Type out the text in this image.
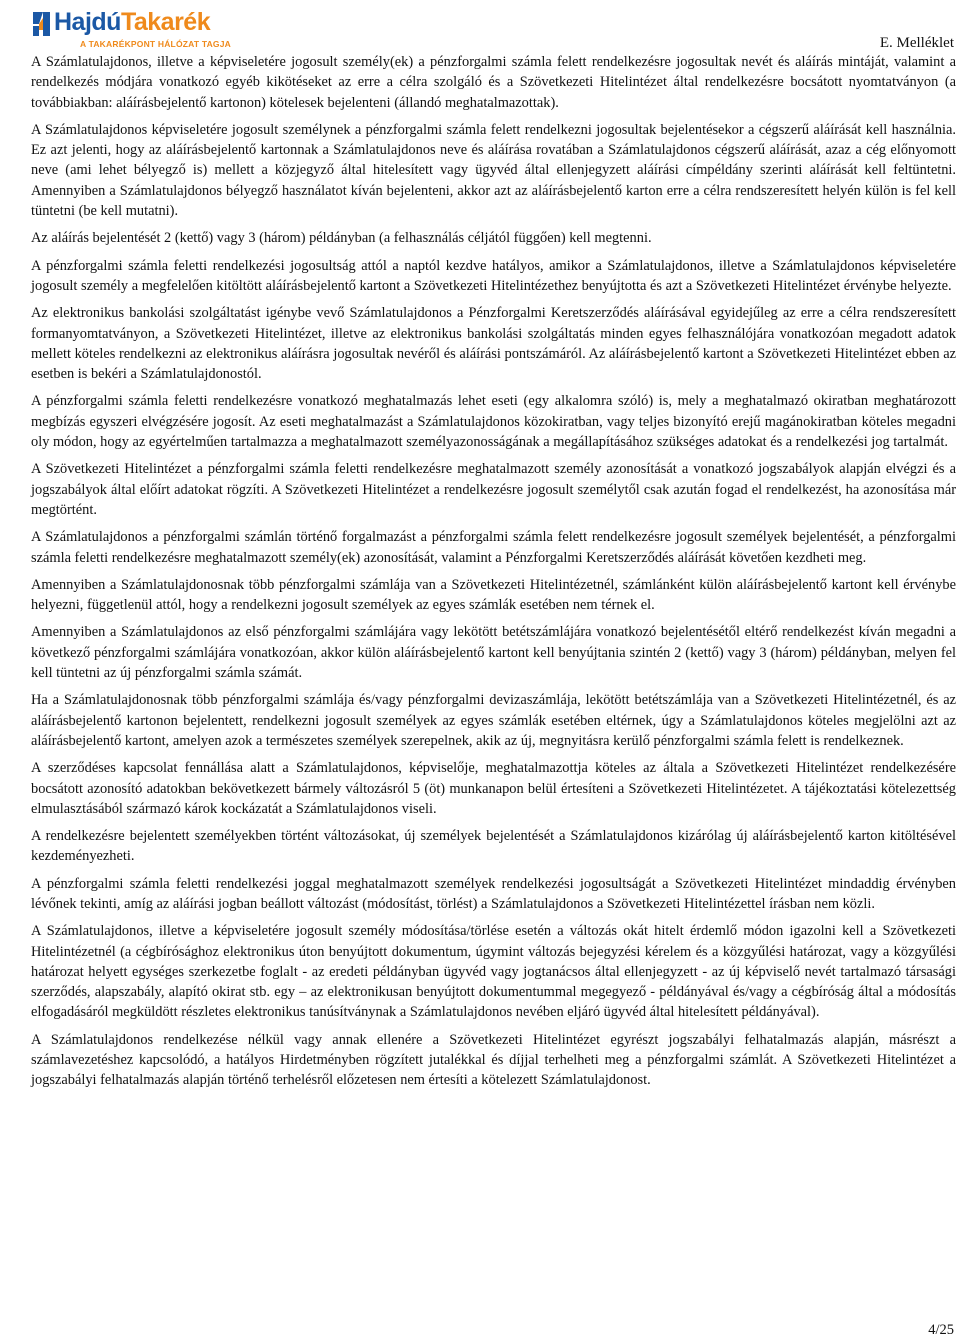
HajdúTakarék
A TAKARÉKPONT HÁLÓZAT TAGJA	E. Melléklet

A Számlatulajdonos, illetve a képviseletére jogosult személy(ek) a pénzforgalmi számla felett rendelkezésre jogosultak nevét és aláírás mintáját, valamint a rendelkezés módjára vonatkozó egyéb kikötéseket az erre a célra szolgáló és a Szövetkezeti Hitelintézet által rendelkezésre bocsátott nyomtatványon (a továbbiakban: aláírásbejelentő kartonon) kötelesek bejelenteni (állandó meghatalmazottak).

A Számlatulajdonos képviseletére jogosult személynek a pénzforgalmi számla felett rendelkezni jogosultak bejelentésekor a cégszerű aláírását kell használnia. Ez azt jelenti, hogy az aláírásbejelentő kartonnak a Számlatulajdonos neve és aláírása rovatában a Számlatulajdonos cégszerű aláírását, azaz a cég előnyomott neve (ami lehet bélyegző is) mellett a közjegyző által hitelesített vagy ügyvéd által ellenjegyzett aláírási címpéldány szerinti aláírását kell feltüntetni. Amennyiben a Számlatulajdonos bélyegző használatot kíván bejelenteni, akkor azt az aláírásbejelentő karton erre a célra rendszeresített helyén külön is fel kell tüntetni (be kell mutatni).

Az aláírás bejelentését 2 (kettő) vagy 3 (három) példányban (a felhasználás céljától függően) kell megtenni.

A pénzforgalmi számla feletti rendelkezési jogosultság attól a naptól kezdve hatályos, amikor a Számlatulajdonos, illetve a Számlatulajdonos képviseletére jogosult személy a megfelelően kitöltött aláírásbejelentő kartont a Szövetkezeti Hitelintézethez benyújtotta és azt a Szövetkezeti Hitelintézet érvénybe helyezte.

Az elektronikus bankolási szolgáltatást igénybe vevő Számlatulajdonos a Pénzforgalmi Keretszerződés aláírásával egyidejűleg az erre a célra rendszeresített formanyomtatványon, a Szövetkezeti Hitelintézet, illetve az elektronikus bankolási szolgáltatás minden egyes felhasználójára vonatkozóan megadott adatok mellett köteles rendelkezni az elektronikus aláírásra jogosultak nevéről és aláírási pontszámáról. Az aláírásbejelentő kartont a Szövetkezeti Hitelintézet ebben az esetben is bekéri a Számlatulajdonostól.

A pénzforgalmi számla feletti rendelkezésre vonatkozó meghatalmazás lehet eseti (egy alkalomra szóló) is, mely a meghatalmazó okiratban meghatározott megbízás egyszeri elvégzésére jogosít. Az eseti meghatalmazást a Számlatulajdonos közokiratban, vagy teljes bizonyító erejű magánokiratban köteles megadni oly módon, hogy az egyértelműen tartalmazza a meghatalmazott személyazonosságának a megállapításához szükséges adatokat és a rendelkezési jog tartalmát.

A Szövetkezeti Hitelintézet a pénzforgalmi számla feletti rendelkezésre meghatalmazott személy azonosítását a vonatkozó jogszabályok alapján elvégzi és a jogszabályok által előírt adatokat rögzíti. A Szövetkezeti Hitelintézet a rendelkezésre jogosult személytől csak azután fogad el rendelkezést, ha azonosítása már megtörtént.

A Számlatulajdonos a pénzforgalmi számlán történő forgalmazást a pénzforgalmi számla felett rendelkezésre jogosult személyek bejelentését, a pénzforgalmi számla feletti rendelkezésre meghatalmazott személy(ek) azonosítását, valamint a Pénzforgalmi Keretszerződés aláírását követően kezdheti meg.

Amennyiben a Számlatulajdonosnak több pénzforgalmi számlája van a Szövetkezeti Hitelintézetnél, számlánként külön aláírásbejelentő kartont kell érvénybe helyezni, függetlenül attól, hogy a rendelkezni jogosult személyek az egyes számlák esetében nem térnek el.

Amennyiben a Számlatulajdonos az első pénzforgalmi számlájára vagy lekötött betétszámlájára vonatkozó bejelentésétől eltérő rendelkezést kíván megadni a következő pénzforgalmi számlájára vonatkozóan, akkor külön aláírásbejelentő kartont kell benyújtania szintén 2 (kettő) vagy 3 (három) példányban, melyen fel kell tüntetni az új pénzforgalmi számla számát.

Ha a Számlatulajdonosnak több pénzforgalmi számlája és/vagy pénzforgalmi devizaszámlája, lekötött betétszámlája van a Szövetkezeti Hitelintézetnél, és az aláírásbejelentő kartonon bejelentett, rendelkezni jogosult személyek az egyes számlák esetében eltérnek, úgy a Számlatulajdonos köteles megjelölni azt az aláírásbejelentő kartont, amelyen azok a természetes személyek szerepelnek, akik az új, megnyitásra kerülő pénzforgalmi számla felett is rendelkeznek.

A szerződéses kapcsolat fennállása alatt a Számlatulajdonos, képviselője, meghatalmazottja köteles az általa a Szövetkezeti Hitelintézet rendelkezésére bocsátott azonosító adatokban bekövetkezett bármely változásról 5 (öt) munkanapon belül értesíteni a Szövetkezeti Hitelintézetet. A tájékoztatási kötelezettség elmulasztásából származó károk kockázatát a Számlatulajdonos viseli.

A rendelkezésre bejelentett személyekben történt változásokat, új személyek bejelentését a Számlatulajdonos kizárólag új aláírásbejelentő karton kitöltésével kezdeményezheti.

A pénzforgalmi számla feletti rendelkezési joggal meghatalmazott személyek rendelkezési jogosultságát a Szövetkezeti Hitelintézet mindaddig érvényben lévőnek tekinti, amíg az aláírási jogban beállott változást (módosítást, törlést) a Számlatulajdonos a Szövetkezeti Hitelintézettel írásban nem közli.

A Számlatulajdonos, illetve a képviseletére jogosult személy módosítása/törlése esetén a változás okát hitelt érdemlő módon igazolni kell a Szövetkezeti Hitelintézetnél (a cégbírósághoz elektronikus úton benyújtott dokumentum, úgymint változás bejegyzési kérelem és a közgyűlési határozat, vagy a közgyűlési határozat helyett egységes szerkezetbe foglalt - az eredeti példányban ügyvéd vagy jogtanácsos által ellenjegyzett - az új képviselő nevét tartalmazó társasági szerződés, alapszabály, alapító okirat stb. egy – az elektronikusan benyújtott dokumentummal megegyező - példányával és/vagy a cégbíróság által a módosítás elfogadásáról megküldött részletes elektronikus tanúsítványnak a Számlatulajdonos nevében eljáró ügyvéd által hitelesített példányával).

A Számlatulajdonos rendelkezése nélkül vagy annak ellenére a Szövetkezeti Hitelintézet egyrészt jogszabályi felhatalmazás alapján, másrészt a számlavezetéshez kapcsolódó, a hatályos Hirdetményben rögzített jutalékkal és díjjal terhelheti meg a pénzforgalmi számlát. A Szövetkezeti Hitelintézet a jogszabályi felhatalmazás alapján történő terhelésről előzetesen nem értesíti a kötelezett Számlatulajdonost.

4/25
